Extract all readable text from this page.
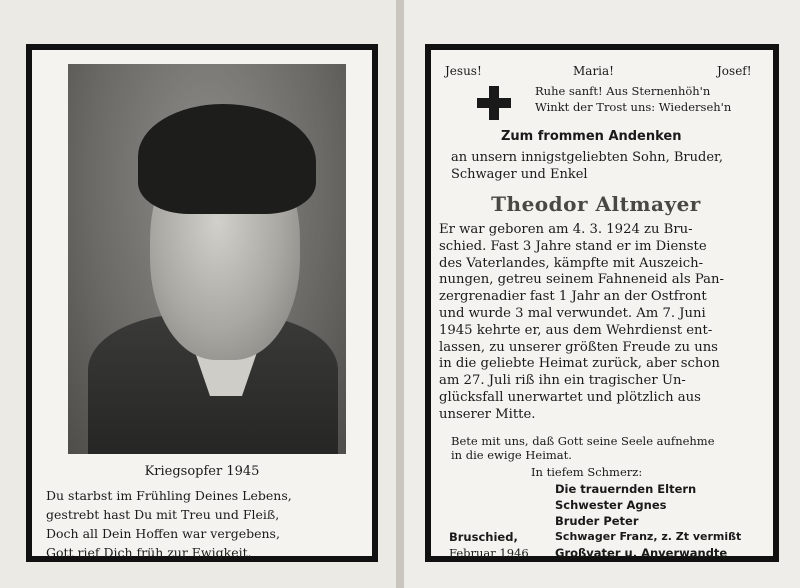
Kriegsopfer 1945
Du starbst im Frühling Deines Lebens,
gestrebt hast Du mit Treu und Fleiß,
Doch all Dein Hoffen war vergebens,
Gott rief Dich früh zur Ewigkeit.
Jesus!	Maria!	Josef!
Ruhe sanft! Aus Sternenhöh'n
Winkt der Trost uns: Wiederseh'n
Zum frommen Andenken
an unsern innigstgeliebten Sohn, Bruder,
Schwager und Enkel
Theodor Altmayer
Er war geboren am 4. 3. 1924 zu Bru-
schied. Fast 3 Jahre stand er im Dienste
des Vaterlandes, kämpfte mit Auszeich-
nungen, getreu seinem Fahneneid als Pan-
zergrenadier fast 1 Jahr an der Ostfront
und wurde 3 mal verwundet. Am 7. Juni
1945 kehrte er, aus dem Wehrdienst ent-
lassen, zu unserer größten Freude zu uns
in die geliebte Heimat zurück, aber schon
am 27. Juli riß ihn ein tragischer Un-
glücksfall unerwartet und plötzlich aus
unserer Mitte.
Bete mit uns, daß Gott seine Seele aufnehme
in die ewige Heimat.
In tiefem Schmerz:
Die trauernden Eltern
Schwester Agnes
Bruder Peter
Schwager Franz, z. Zt vermißt
Großvater u. Anverwandte
Bruschied,
Februar 1946
